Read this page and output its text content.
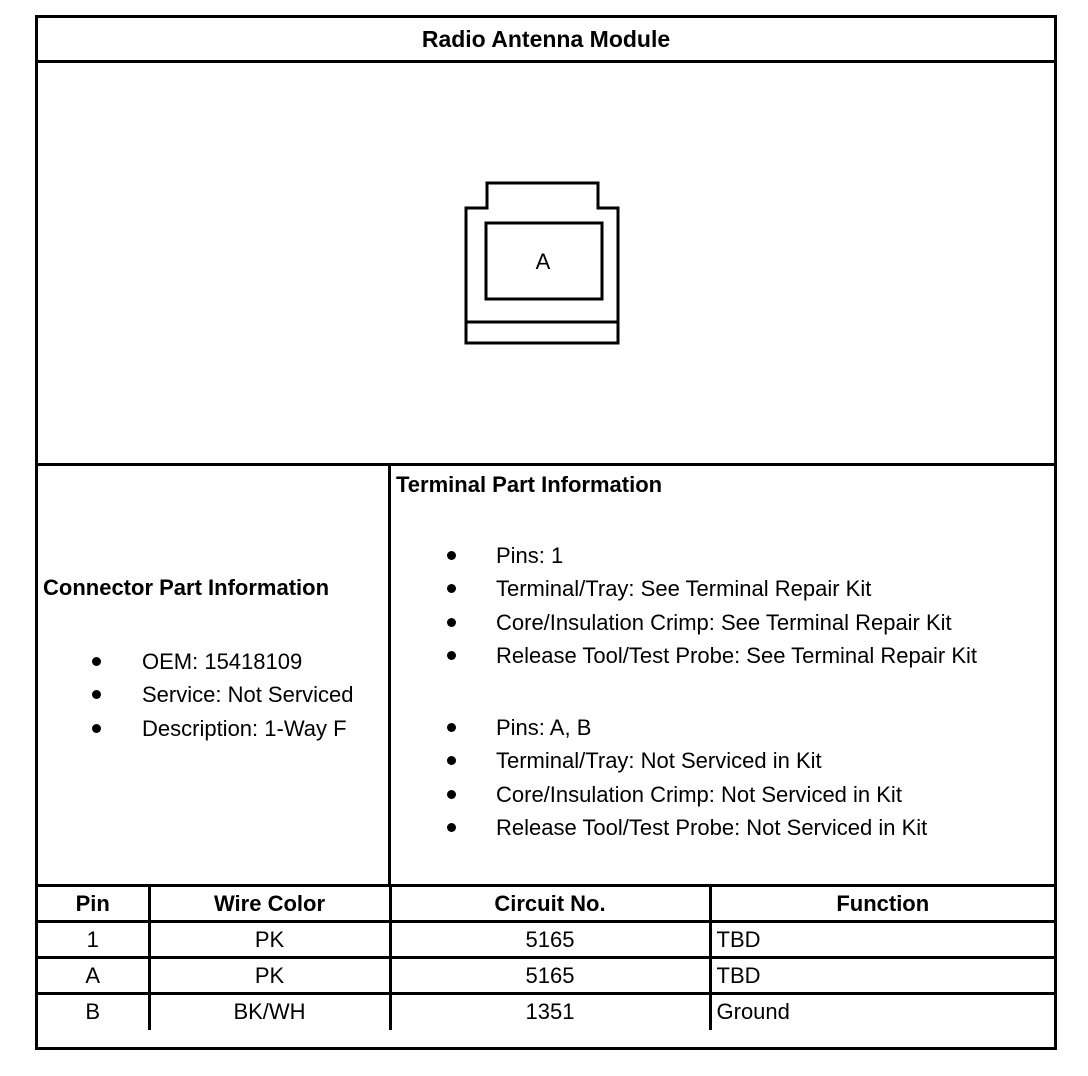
Radio Antenna Module
A
Connector Part Information
OEM: 15418109
Service: Not Serviced
Description: 1-Way F
Terminal Part Information
Pins: 1
Terminal/Tray: See Terminal Repair Kit
Core/Insulation Crimp: See Terminal Repair Kit
Release Tool/Test Probe: See Terminal Repair Kit
Pins: A, B
Terminal/Tray: Not Serviced in Kit
Core/Insulation Crimp: Not Serviced in Kit
Release Tool/Test Probe: Not Serviced in Kit
Pin	Wire Color	Circuit No.	Function
1	PK	5165	TBD
A	PK	5165	TBD
B	BK/WH	1351	Ground
